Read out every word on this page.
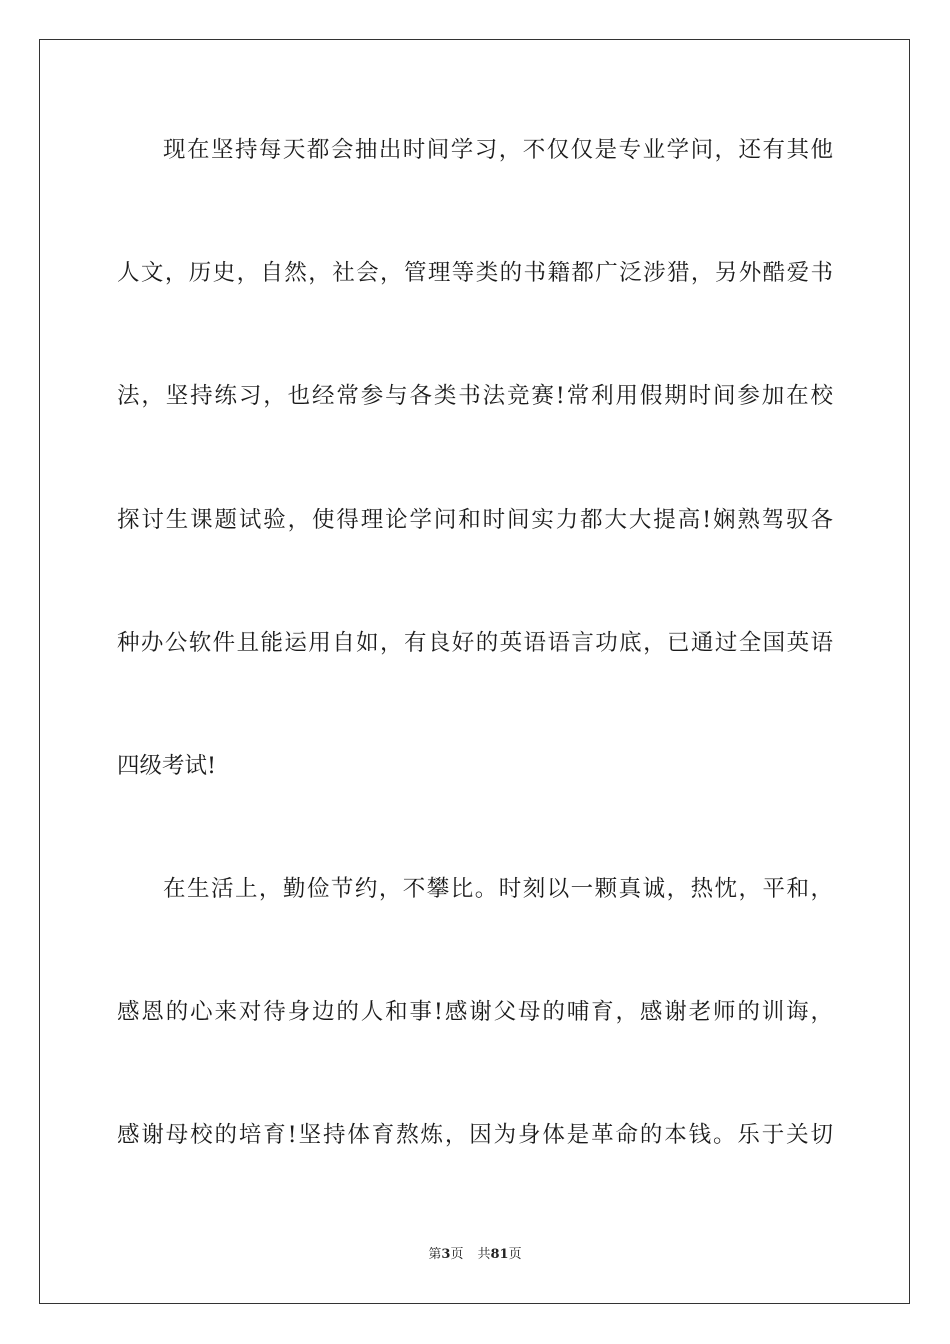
现在坚持每天都会抽出时间学习，不仅仅是专业学问，还有其他
人文，历史，自然，社会，管理等类的书籍都广泛涉猎，另外酷爱书
法，坚持练习，也经常参与各类书法竞赛!常利用假期时间参加在校
探讨生课题试验，使得理论学问和时间实力都大大提高!娴熟驾驭各
种办公软件且能运用自如，有良好的英语语言功底，已通过全国英语
四级考试!
在生活上，勤俭节约，不攀比。时刻以一颗真诚，热忱，平和，
感恩的心来对待身边的人和事!感谢父母的哺育，感谢老师的训诲，
感谢母校的培育!坚持体育熬炼，因为身体是革命的本钱。乐于关切
第3页 共81页
